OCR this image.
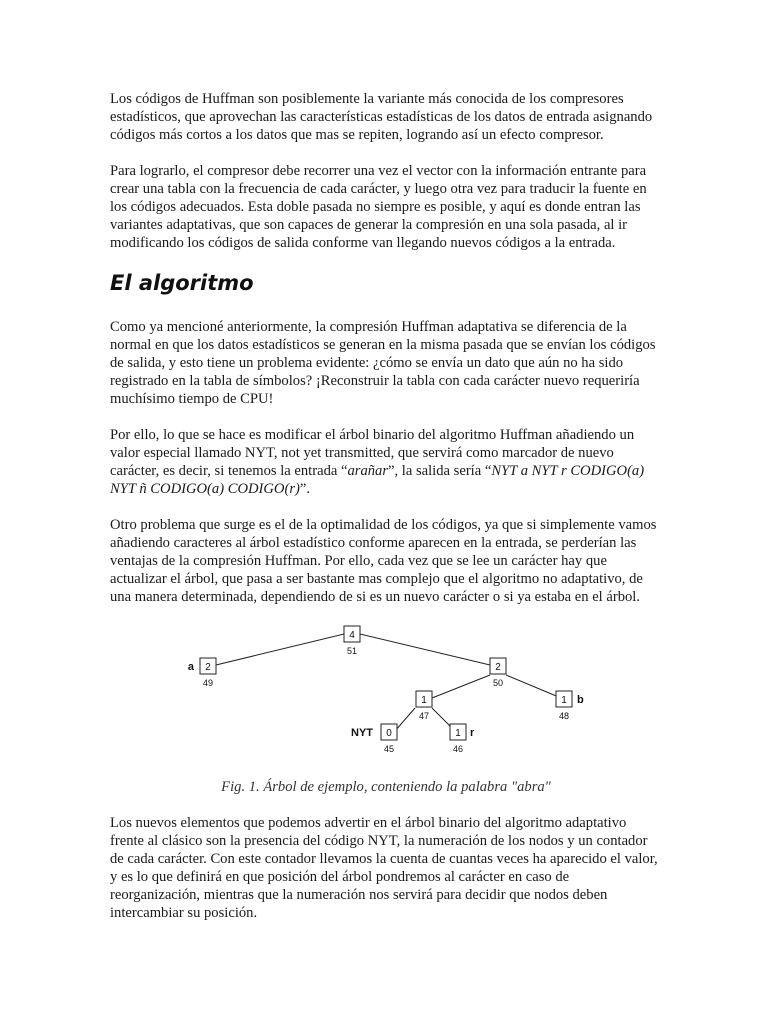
Los códigos de Huffman son posiblemente la variante más conocida de los compresores estadísticos, que aprovechan las características estadísticas de los datos de entrada asignando códigos más cortos a los datos que mas se repiten, logrando así un efecto compresor.

Para lograrlo, el compresor debe recorrer una vez el vector con la información entrante para crear una tabla con la frecuencia de cada carácter, y luego otra vez para traducir la fuente en los códigos adecuados. Esta doble pasada no siempre es posible, y aquí es donde entran las variantes adaptativas, que son capaces de generar la compresión en una sola pasada, al ir modificando los códigos de salida conforme van llegando nuevos códigos a la entrada.

El algoritmo

Como ya mencioné anteriormente, la compresión Huffman adaptativa se diferencia de la normal en que los datos estadísticos se generan en la misma pasada que se envían los códigos de salida, y esto tiene un problema evidente: ¿cómo se envía un dato que aún no ha sido registrado en la tabla de símbolos? ¡Reconstruir la tabla con cada carácter nuevo requeriría muchísimo tiempo de CPU!

Por ello, lo que se hace es modificar el árbol binario del algoritmo Huffman añadiendo un valor especial llamado NYT, not yet transmitted, que servirá como marcador de nuevo carácter, es decir, si tenemos la entrada “arañar”, la salida sería “NYT a NYT r CODIGO(a) NYT ñ CODIGO(a) CODIGO(r)”.

Otro problema que surge es el de la optimalidad de los códigos, ya que si simplemente vamos añadiendo caracteres al árbol estadístico conforme aparecen en la entrada, se perderían las ventajas de la compresión Huffman. Por ello, cada vez que se lee un carácter hay que actualizar el árbol, que pasa a ser bastante mas complejo que el algoritmo no adaptativo, de una manera determinada, dependiendo de si es un nuevo carácter o si ya estaba en el árbol.

4
51
2
49
a	2
50
1
47
1
48
b
0
45
NYT	1
46
r

Fig. 1. Árbol de ejemplo, conteniendo la palabra "abra"

Los nuevos elementos que podemos advertir en el árbol binario del algoritmo adaptativo frente al clásico son la presencia del código NYT, la numeración de los nodos y un contador de cada carácter. Con este contador llevamos la cuenta de cuantas veces ha aparecido el valor, y es lo que definirá en que posición del árbol pondremos al carácter en caso de reorganización, mientras que la numeración nos servirá para decidir que nodos deben intercambiar su posición.
